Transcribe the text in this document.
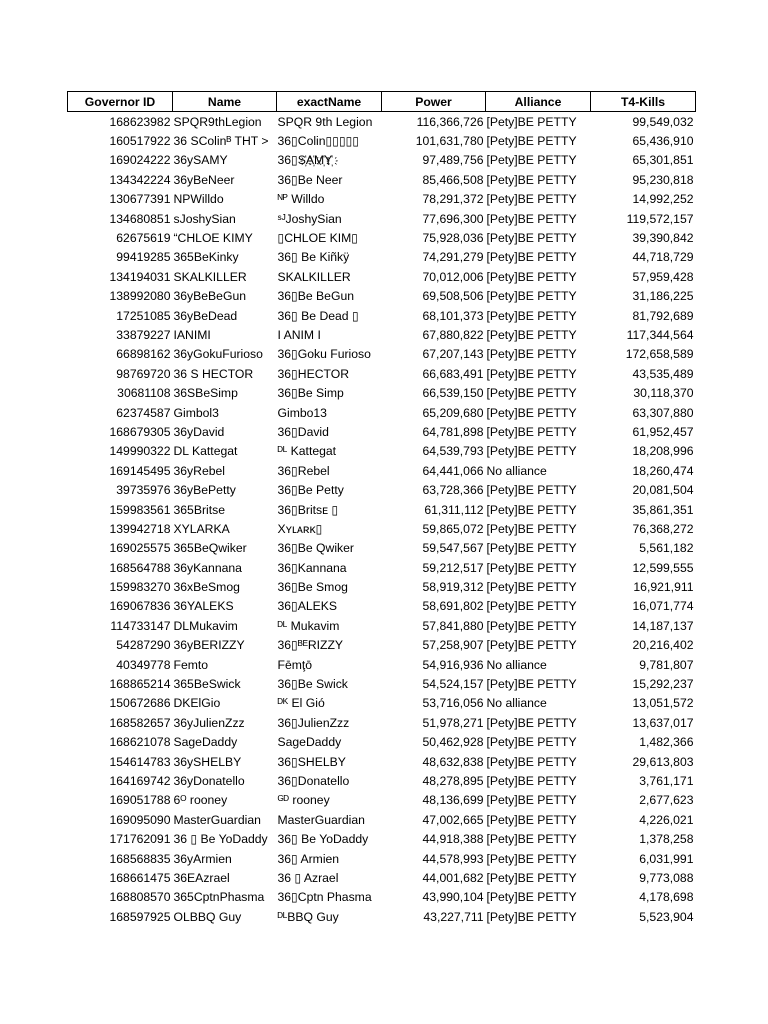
Governor ID	Name	exactName	Power	Alliance	T4-Kills
168623982	SPQR9thLegion	SPQR 9th Legion	116,366,726	[Pety]BE PETTY	99,549,032
160517922	36 SColinᴮ THT >	36▯Colin▯▯▯▯▯	101,631,780	[Pety]BE PETTY	65,436,910
169024222	36ySAMY	36▯S҉A҉M҉Y҉	97,489,756	[Pety]BE PETTY	65,301,851
134342224	36yBeNeer	36▯Be Neer	85,466,508	[Pety]BE PETTY	95,230,818
130677391	NPWilldo	ᴺᴾ Willdo	78,291,372	[Pety]BE PETTY	14,992,252
134680851	sJoshySian	ˢᴶJoshySian	77,696,300	[Pety]BE PETTY	119,572,157
62675619	“CHLOE KIMY	▯CHLOE KIM▯	75,928,036	[Pety]BE PETTY	39,390,842
99419285	365BeKinky	36▯ Be Kiñkÿ	74,291,279	[Pety]BE PETTY	44,718,729
134194031	SKALKILLER	SKALKILLER	70,012,006	[Pety]BE PETTY	57,959,428
138992080	36yBeBeGun	36▯Be BeGun	69,508,506	[Pety]BE PETTY	31,186,225
17251085	36yBeDead	36▯ Be Dead ▯	68,101,373	[Pety]BE PETTY	81,792,689
33879227	IANIMI	I ANIM I	67,880,822	[Pety]BE PETTY	117,344,564
66898162	36yGokuFurioso	36▯Goku Furioso	67,207,143	[Pety]BE PETTY	172,658,589
98769720	36 S HECTOR	36▯HECTOR	66,683,491	[Pety]BE PETTY	43,535,489
30681108	36SBeSimp	36▯Be Simp	66,539,150	[Pety]BE PETTY	30,118,370
62374587	Gimbol3	Gimbo13	65,209,680	[Pety]BE PETTY	63,307,880
168679305	36yDavid	36▯David	64,781,898	[Pety]BE PETTY	61,952,457
149990322	DL Kattegat	ᴰᴸ Kattegat	64,539,793	[Pety]BE PETTY	18,208,996
169145495	36yRebel	36▯Rebel	64,441,066	No alliance	18,260,474
39735976	36yBePetty	36▯Be Petty	63,728,366	[Pety]BE PETTY	20,081,504
159983561	365Britse	36▯Britsᴇ ▯	61,311,112	[Pety]BE PETTY	35,861,351
139942718	XYLARKA	Xʏʟᴀʀᴋ▯	59,865,072	[Pety]BE PETTY	76,368,272
169025575	365BeQwiker	36▯Be Qwiker	59,547,567	[Pety]BE PETTY	5,561,182
168564788	36yKannana	36▯Kannana	59,212,517	[Pety]BE PETTY	12,599,555
159983270	36xBeSmog	36▯Be Smog	58,919,312	[Pety]BE PETTY	16,921,911
169067836	36YALEKS	36▯ALEKS	58,691,802	[Pety]BE PETTY	16,071,774
114733147	DLMukavim	ᴰᴸ Mukavim	57,841,880	[Pety]BE PETTY	14,187,137
54287290	36yBERIZZY	36▯ᴮᴱRIZZY	57,258,907	[Pety]BE PETTY	20,216,402
40349778	Femto	Fēmţō	54,916,936	No alliance	9,781,807
168865214	365BeSwick	36▯Be Swick	54,524,157	[Pety]BE PETTY	15,292,237
150672686	DKElGio	ᴰᴷ El Gió	53,716,056	No alliance	13,051,572
168582657	36yJulienZzz	36▯JulienZzz	51,978,271	[Pety]BE PETTY	13,637,017
168621078	SageDaddy	SageDaddy	50,462,928	[Pety]BE PETTY	1,482,366
154614783	36ySHELBY	36▯SHELBY	48,632,838	[Pety]BE PETTY	29,613,803
164169742	36yDonatello	36▯Donatello	48,278,895	[Pety]BE PETTY	3,761,171
169051788	6ᴼ rooney	ᴳᴰ rooney	48,136,699	[Pety]BE PETTY	2,677,623
169095090	MasterGuardian	MasterGuardian	47,002,665	[Pety]BE PETTY	4,226,021
171762091	36 ▯ Be YoDaddy	36▯ Be YoDaddy	44,918,388	[Pety]BE PETTY	1,378,258
168568835	36yArmien	36▯ Armien	44,578,993	[Pety]BE PETTY	6,031,991
168661475	36EAzrael	36 ▯ Azrael	44,001,682	[Pety]BE PETTY	9,773,088
168808570	365CptnPhasma	36▯Cptn Phasma	43,990,104	[Pety]BE PETTY	4,178,698
168597925	OLBBQ Guy	ᴰᴸBBQ Guy	43,227,711	[Pety]BE PETTY	5,523,904
